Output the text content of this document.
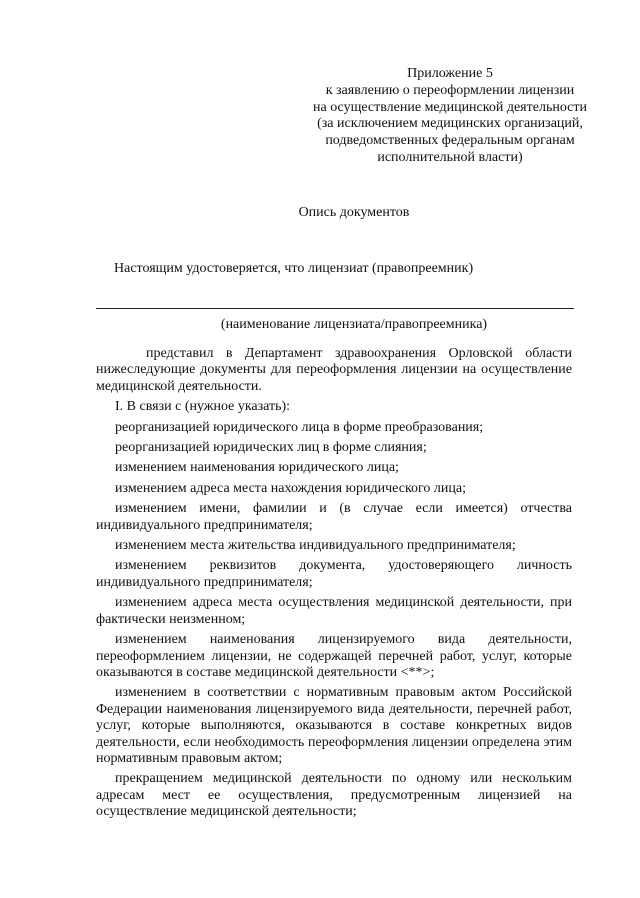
Приложение 5
к заявлению о переоформлении лицензии
на осуществление медицинской деятельности
(за исключением медицинских организаций,
подведомственных федеральным органам
исполнительной власти)
Опись документов
Настоящим удостоверяется, что лицензиат (правопреемник)
(наименование лицензиата/правопреемника)
представил в Департамент здравоохранения Орловской области нижеследующие документы для переоформления лицензии на осуществление медицинской деятельности.
I. В связи с (нужное указать):
реорганизацией юридического лица в форме преобразования;
реорганизацией юридических лиц в форме слияния;
изменением наименования юридического лица;
изменением адреса места нахождения юридического лица;
изменением имени, фамилии и (в случае если имеется) отчества индивидуального предпринимателя;
изменением места жительства индивидуального предпринимателя;
изменением реквизитов документа, удостоверяющего личность индивидуального предпринимателя;
изменением адреса места осуществления медицинской деятельности, при фактически неизменном;
изменением наименования лицензируемого вида деятельности, переоформлением лицензии, не содержащей перечней работ, услуг, которые оказываются в составе медицинской деятельности <**>;
изменением в соответствии с нормативным правовым актом Российской Федерации наименования лицензируемого вида деятельности, перечней работ, услуг, которые выполняются, оказываются в составе конкретных видов деятельности, если необходимость переоформления лицензии определена этим нормативным правовым актом;
прекращением медицинской деятельности по одному или нескольким адресам мест ее осуществления, предусмотренным лицензией на осуществление медицинской деятельности;
